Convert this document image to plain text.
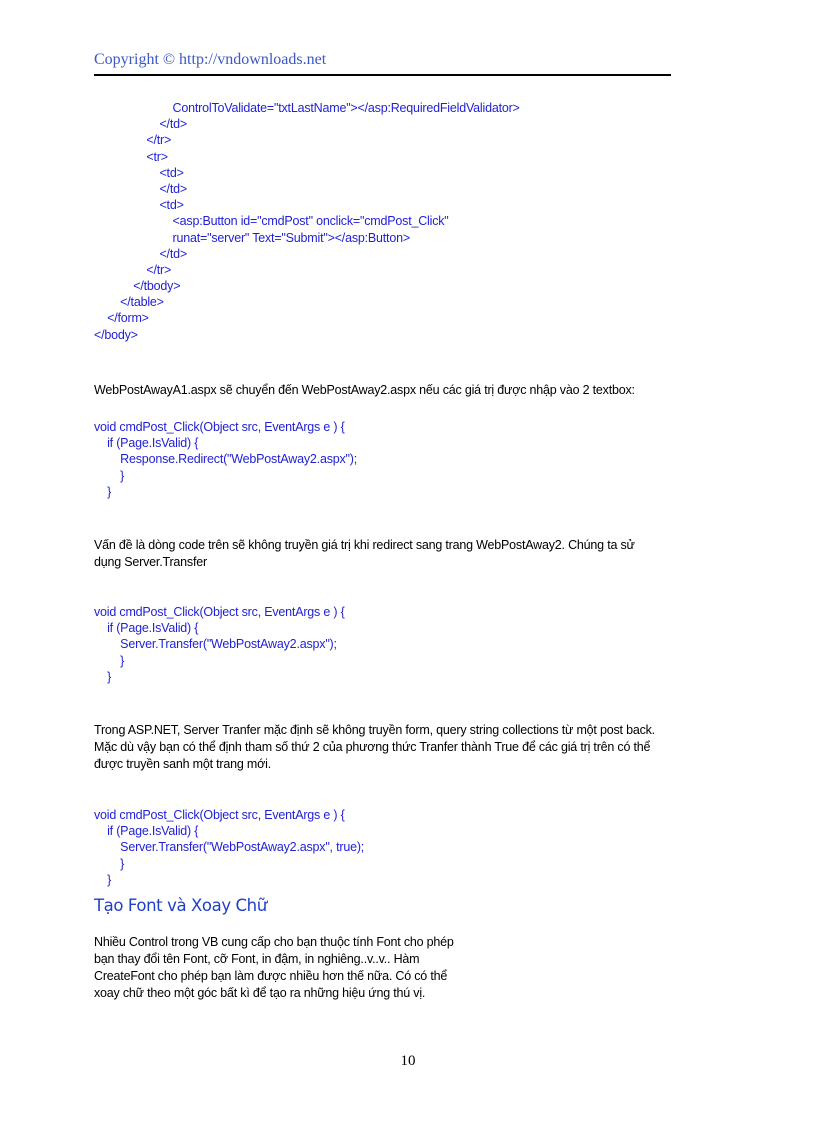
Copyright © http://vndownloads.net
ControlToValidate="txtLastName"></asp:RequiredFieldValidator>
</td>
</tr>
<tr>
<td>
</td>
<td>
<asp:Button id="cmdPost" onclick="cmdPost_Click"
runat="server" Text="Submit"></asp:Button>
</td>
</tr>
</tbody>
</table>
</form>
</body>
WebPostAwayA1.aspx sẽ chuyển đến WebPostAway2.aspx nếu các giá trị được nhập vào 2 textbox:
void cmdPost_Click(Object src, EventArgs e ) {
if (Page.IsValid) {
Response.Redirect("WebPostAway2.aspx");
}
}
Vấn đề là dòng code trên sẽ không truyền giá trị khi redirect sang trang WebPostAway2. Chúng ta sử
dụng Server.Transfer
void cmdPost_Click(Object src, EventArgs e ) {
if (Page.IsValid) {
Server.Transfer("WebPostAway2.aspx");
}
}
Trong ASP.NET, Server Tranfer mặc định sẽ không truyền form, query string collections từ một post back.
Mặc dù vậy bạn có thể định tham số thứ 2 của phương thức Tranfer thành True để các giá trị trên có thể
được truyền sanh một trang mới.
void cmdPost_Click(Object src, EventArgs e ) {
if (Page.IsValid) {
Server.Transfer("WebPostAway2.aspx", true);
}
}
Tạo Font và Xoay Chữ
Nhiều Control trong VB cung cấp cho bạn thuộc tính Font cho phép
bạn thay đổi tên Font, cỡ Font, in đậm, in nghiêng..v..v.. Hàm
CreateFont cho phép bạn làm được nhiều hơn thế nữa. Có có thể
xoay chữ theo một góc bất kì để tạo ra những hiệu ứng thú vị.
10
